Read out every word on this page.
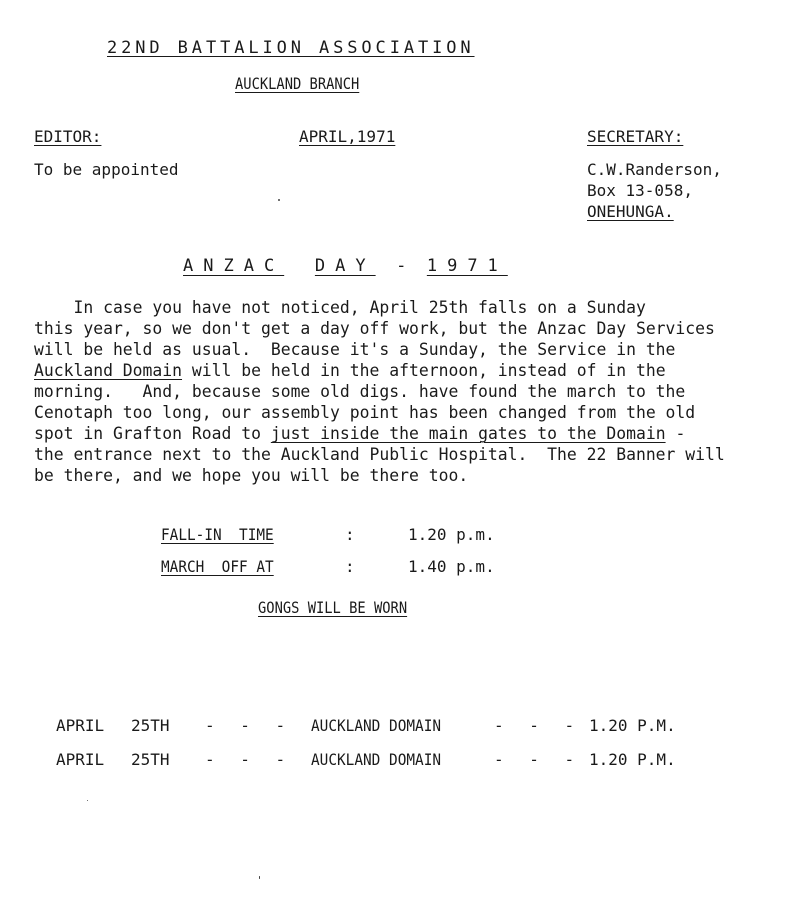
22ND BATTALION ASSOCIATION
AUCKLAND BRANCH
EDITOR:
To be appointed
APRIL,1971	SECRETARY:
C.W.Randerson,
Box 13-058,
ONEHUNGA.
ANZAC DAY - 1971
In case you have not noticed, April 25th falls on a Sunday
this year, so we don't get a day off work, but the Anzac Day Services
will be held as usual.  Because it's a Sunday, the Service in the
Auckland Domain will be held in the afternoon, instead of in the
morning.   And, because some old digs. have found the march to the
Cenotaph too long, our assembly point has been changed from the old
spot in Grafton Road to just inside the main gates to the Domain -
the entrance next to the Auckland Public Hospital.  The 22 Banner will
be there, and we hope you will be there too.
FALL-IN  TIME	:	1.20 p.m.
MARCH  OFF AT	:	1.40 p.m.
GONGS WILL BE WORN
APRIL 25TH - - - AUCKLAND DOMAIN	- - - 1.20 P.M.
APRIL 25TH - - - AUCKLAND DOMAIN	- - - 1.20 P.M.
